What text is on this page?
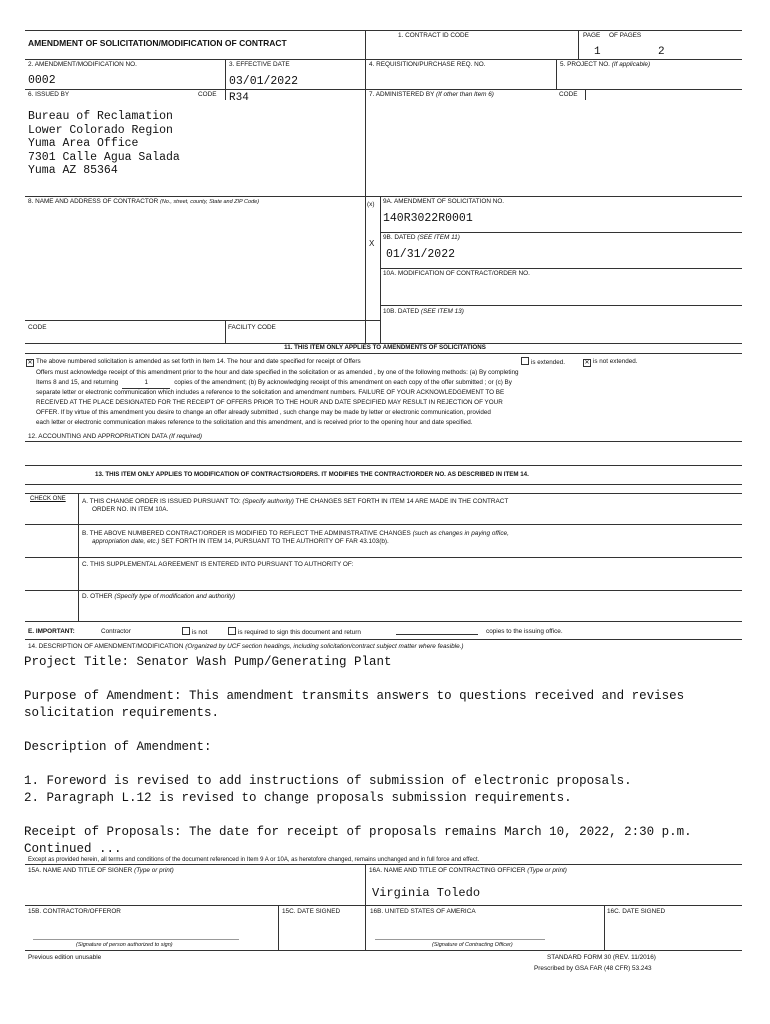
AMENDMENT OF SOLICITATION/MODIFICATION OF CONTRACT
1. CONTRACT ID CODE	PAGE OF PAGES
1	2
2. AMENDMENT/MODIFICATION NO.
0002
3. EFFECTIVE DATE
03/01/2022
4. REQUISITION/PURCHASE REQ. NO.	5. PROJECT NO. (If applicable)
6. ISSUED BY	CODE R34	7. ADMINISTERED BY (If other than Item 6)	CODE
Bureau of Reclamation
Lower Colorado Region
Yuma Area Office
7301 Calle Agua Salada
Yuma AZ 85364
8. NAME AND ADDRESS OF CONTRACTOR (No., street, county, State and ZIP Code)	(x) 9A. AMENDMENT OF SOLICITATION NO.
140R3022R0001
X
9B. DATED (SEE ITEM 11)
01/31/2022
10A. MODIFICATION OF CONTRACT/ORDER NO.
10B. DATED (SEE ITEM 13)
CODE	FACILITY CODE
11. THIS ITEM ONLY APPLIES TO AMENDMENTS OF SOLICITATIONS
✕ The above numbered solicitation is amended as set forth in Item 14. The hour and date specified for receipt of Offers	is extended.	✕ is not extended.
Offers must acknowledge receipt of this amendment prior to the hour and date specified in the solicitation or as amended , by one of the following methods: (a) By completing
Items 8 and 15, and returning	1	copies of the amendment; (b) By acknowledging receipt of this amendment on each copy of the offer submitted ; or (c) By
separate letter or electronic communication which includes a reference to the solicitation and amendment numbers. FAILURE OF YOUR ACKNOWLEDGEMENT TO BE
RECEIVED AT THE PLACE DESIGNATED FOR THE RECEIPT OF OFFERS PRIOR TO THE HOUR AND DATE SPECIFIED MAY RESULT IN REJECTION OF YOUR
OFFER. If by virtue of this amendment you desire to change an offer already submitted , such change may be made by letter or electronic communication, provided
each letter or electronic communication makes reference to the solicitation and this amendment, and is received prior to the opening hour and date specified.
12. ACCOUNTING AND APPROPRIATION DATA (If required)
13. THIS ITEM ONLY APPLIES TO MODIFICATION OF CONTRACTS/ORDERS. IT MODIFIES THE CONTRACT/ORDER NO. AS DESCRIBED IN ITEM 14.
CHECK ONE	A. THIS CHANGE ORDER IS ISSUED PURSUANT TO: (Specify authority) THE CHANGES SET FORTH IN ITEM 14 ARE MADE IN THE CONTRACT
ORDER NO. IN ITEM 10A.
B. THE ABOVE NUMBERED CONTRACT/ORDER IS MODIFIED TO REFLECT THE ADMINISTRATIVE CHANGES (such as changes in paying office,
appropriation date, etc.) SET FORTH IN ITEM 14, PURSUANT TO THE AUTHORITY OF FAR 43.103(b).
C. THIS SUPPLEMENTAL AGREEMENT IS ENTERED INTO PURSUANT TO AUTHORITY OF:
D. OTHER (Specify type of modification and authority)
E. IMPORTANT:	Contractor	is not	is required to sign this document and return	copies to the issuing office.
14. DESCRIPTION OF AMENDMENT/MODIFICATION (Organized by UCF section headings, including solicitation/contract subject matter where feasible.)
Project Title: Senator Wash Pump/Generating Plant
Purpose of Amendment: This amendment transmits answers to questions received and revises
solicitation requirements.
Description of Amendment:
1. Foreword is revised to add instructions of submission of electronic proposals.
2. Paragraph L.12 is revised to change proposals submission requirements.
Receipt of Proposals: The date for receipt of proposals remains March 10, 2022, 2:30 p.m.
Continued ...
Except as provided herein, all terms and conditions of the document referenced in Item 9 A or 10A, as heretofore changed, remains unchanged and in full force and effect.
15A. NAME AND TITLE OF SIGNER (Type or print)	16A. NAME AND TITLE OF CONTRACTING OFFICER (Type or print)
Virginia Toledo
15B. CONTRACTOR/OFFEROR	15C. DATE SIGNED	16B. UNITED STATES OF AMERICA	16C. DATE SIGNED
(Signature of person authorized to sign)	(Signature of Contracting Officer)
Previous edition unusable	STANDARD FORM 30 (REV. 11/2016)
Prescribed by GSA FAR (48 CFR) 53.243
